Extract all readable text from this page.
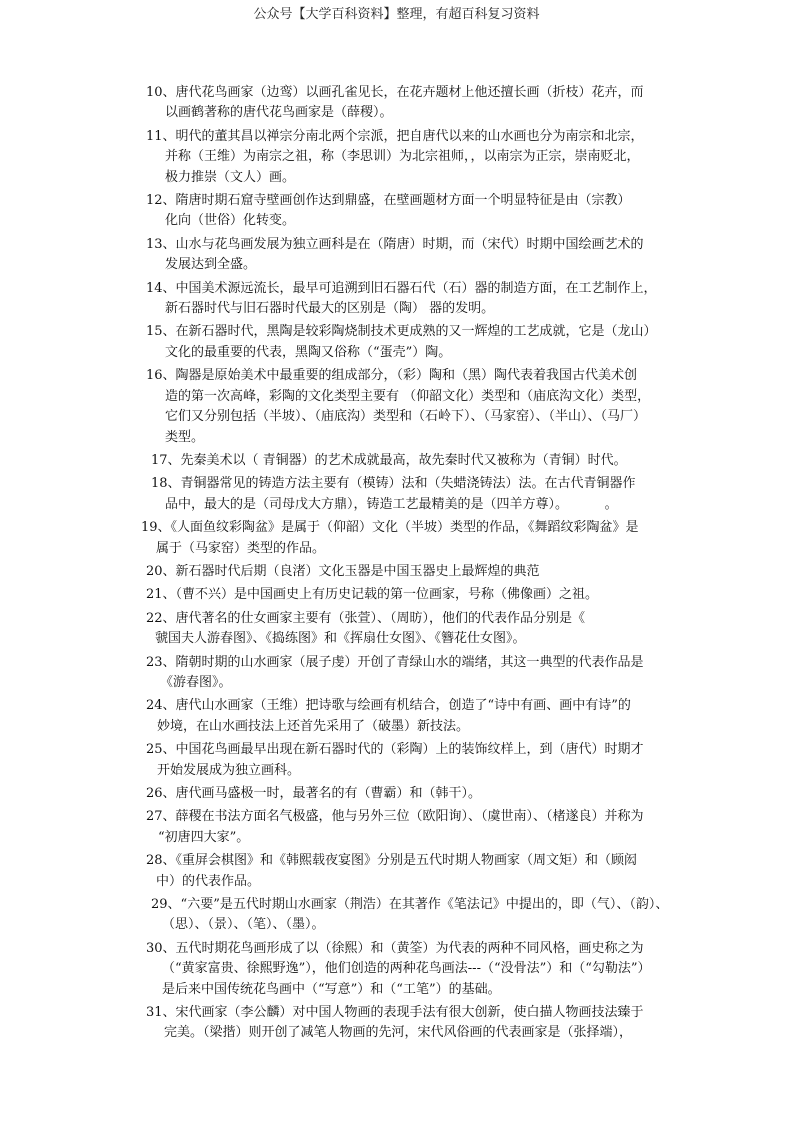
公众号【大学百科资料】整理，有超百科复习资料
10、唐代花鸟画家（边鸾）以画孔雀见长，在花卉题材上他还擅长画（折枝）花卉，而
以画鹤著称的唐代花鸟画家是（薛稷）。
11、明代的董其昌以禅宗分南北两个宗派，把自唐代以来的山水画也分为南宗和北宗，
并称（王维）为南宗之祖，称（李思训）为北宗祖师，，以南宗为正宗，崇南贬北，
极力推崇（文人）画。
12、隋唐时期石窟寺壁画创作达到鼎盛，在壁画题材方面一个明显特征是由（宗教）
化向（世俗）化转变。
13、山水与花鸟画发展为独立画科是在（隋唐）时期，而（宋代）时期中国绘画艺术的
发展达到全盛。
14、中国美术源远流长，最早可追溯到旧石器石代（石）器的制造方面，在工艺制作上，
新石器时代与旧石器时代最大的区别是（陶） 器的发明。
15、在新石器时代，黑陶是较彩陶烧制技术更成熟的又一辉煌的工艺成就，它是（龙山）
文化的最重要的代表，黑陶又俗称（“蛋壳”）陶。
16、陶器是原始美术中最重要的组成部分，（彩）陶和（黑）陶代表着我国古代美术创
造的第一次高峰，彩陶的文化类型主要有 （仰韶文化）类型和（庙底沟文化）类型，
它们又分别包括（半坡）、（庙底沟）类型和（石岭下）、（马家窑）、（半山）、（马厂）
类型。
17、先秦美术以（ 青铜器）的艺术成就最高，故先秦时代又被称为（青铜）时代。
18、青铜器常见的铸造方法主要有（模铸）法和（失蜡浇铸法）法。在古代青铜器作
品中，最大的是（司母戊大方鼎），铸造工艺最精美的是（四羊方尊）。　　　 。
19、《人面鱼纹彩陶盆》是属于（仰韶）文化（半坡）类型的作品，《舞蹈纹彩陶盆》是
属于（马家窑）类型的作品。
20、新石器时代后期（良渚）文化玉器是中国玉器史上最辉煌的典范
21、（曹不兴）是中国画史上有历史记载的第一位画家，号称（佛像画）之祖。
22、唐代著名的仕女画家主要有（张萱）、（周昉），他们的代表作品分别是《
虢国夫人游春图》、《捣练图》和《挥扇仕女图》、《簪花仕女图》。
23、隋朝时期的山水画家（展子虔）开创了青绿山水的端绪，其这一典型的代表作品是
《游春图》。
24、唐代山水画家（王维）把诗歌与绘画有机结合，创造了“诗中有画、画中有诗”的
妙境，在山水画技法上还首先采用了（破墨）新技法。
25、中国花鸟画最早出现在新石器时代的（彩陶）上的装饰纹样上，到（唐代）时期才
开始发展成为独立画科。
26、唐代画马盛极一时，最著名的有（曹霸）和（韩干）。
27、薛稷在书法方面名气极盛，他与另外三位（欧阳询）、（虞世南）、（楮遂良）并称为
“初唐四大家”。
28、《重屏会棋图》和《韩熙载夜宴图》分别是五代时期人物画家（周文矩）和（顾闳
中）的代表作品。
29、“六要”是五代时期山水画家（荆浩）在其著作《笔法记》中提出的，即（气）、（韵）、
（思）、（景）、（笔）、（墨）。
30、五代时期花鸟画形成了以（徐熙）和（黄筌）为代表的两种不同风格，画史称之为
（“黄家富贵、徐熙野逸”），他们创造的两种花鸟画法---（“没骨法”）和（“勾勒法”）
是后来中国传统花鸟画中（“写意”）和（“工笔”）的基础。
31、宋代画家（李公麟）对中国人物画的表现手法有很大创新，使白描人物画技法臻于
完美。（梁揩）则开创了减笔人物画的先河，宋代风俗画的代表画家是（张择端），
